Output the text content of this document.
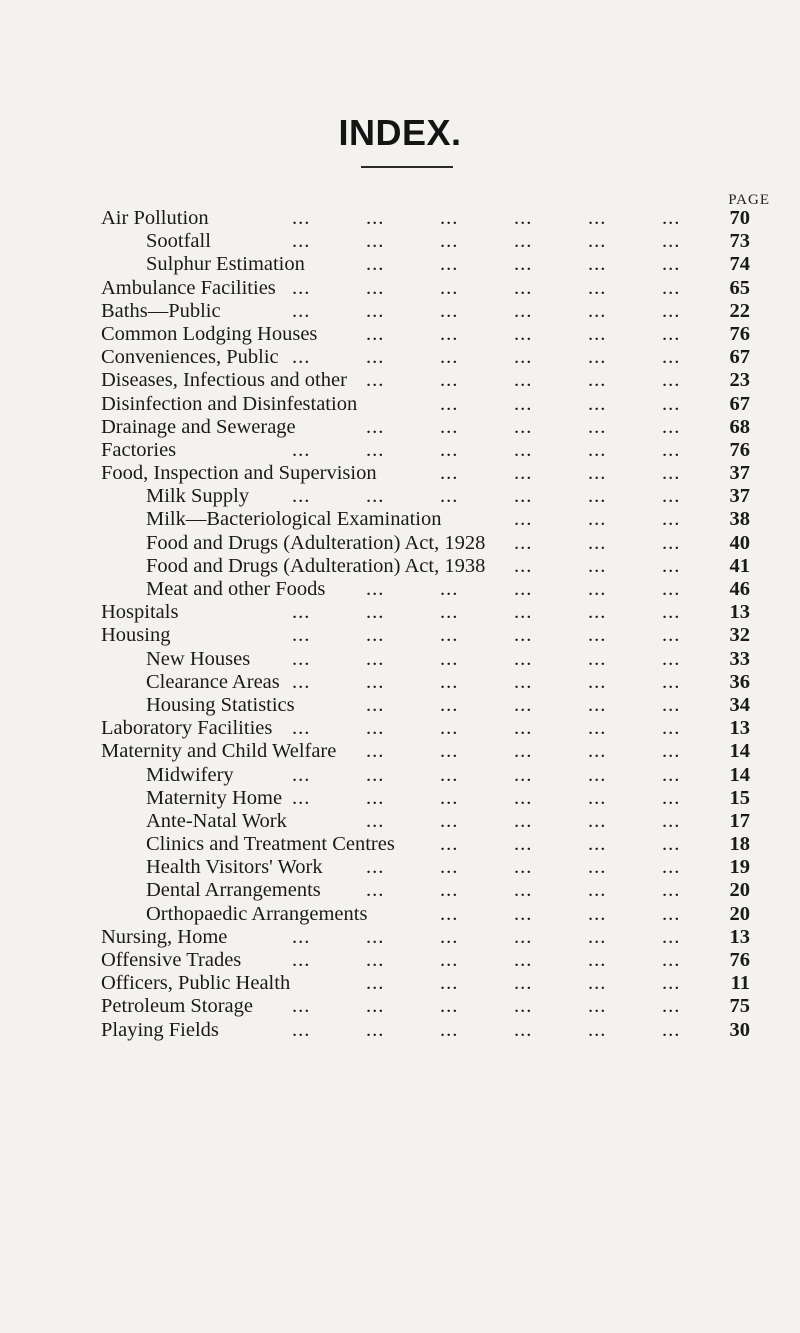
INDEX.
PAGE
Air Pollution	...	...	...	...	...	...	70
Sootfall	...	...	...	...	...	...	73
Sulphur Estimation	...	...	...	...	...	74
Ambulance Facilities ...	...	...	...	...	...	65
Baths—Public	...	...	...	...	...	...	22
Common Lodging Houses ...	...	...	...	...	76
Conveniences, Public ...	...	...	...	...	...	67
Diseases, Infectious and other ...	...	...	...	...	23
Disinfection and Disinfestation	...	...	...	...	67
Drainage and Sewerage	...	...	...	...	...	68
Factories	...	...	...	...	...	...	76
Food, Inspection and Supervision	...	...	...	...	37
Milk Supply ...	...	...	...	...	...	37
Milk—Bacteriological Examination	...	...	...	38
Food and Drugs (Adulteration) Act, 1928 ...	...	...	40
Food and Drugs (Adulteration) Act, 1938 ...	...	...	41
Meat and other Foods ...	...	...	...	...	46
Hospitals	...	...	...	...	...	...	13
Housing	...	...	...	...	...	...	32
New Houses ...	...	...	...	...	...	33
Clearance Areas ...	...	...	...	...	...	36
Housing Statistics	...	...	...	...	...	34
Laboratory Facilities ...	...	...	...	...	...	13
Maternity and Child Welfare ...	...	...	...	...	14
Midwifery	...	...	...	...	...	...	14
Maternity Home ...	...	...	...	...	...	15
Ante-Natal Work	...	...	...	...	...	17
Clinics and Treatment Centres ...	...	...	...	18
Health Visitors' Work ...	...	...	...	...	19
Dental Arrangements ...	...	...	...	...	20
Orthopaedic Arrangements	...	...	...	...	20
Nursing, Home	...	...	...	...	...	...	13
Offensive Trades ...	...	...	...	...	...	76
Officers, Public Health	...	...	...	...	...	11
Petroleum Storage ...	...	...	...	...	...	75
Playing Fields	...	...	...	...	...	...	30
